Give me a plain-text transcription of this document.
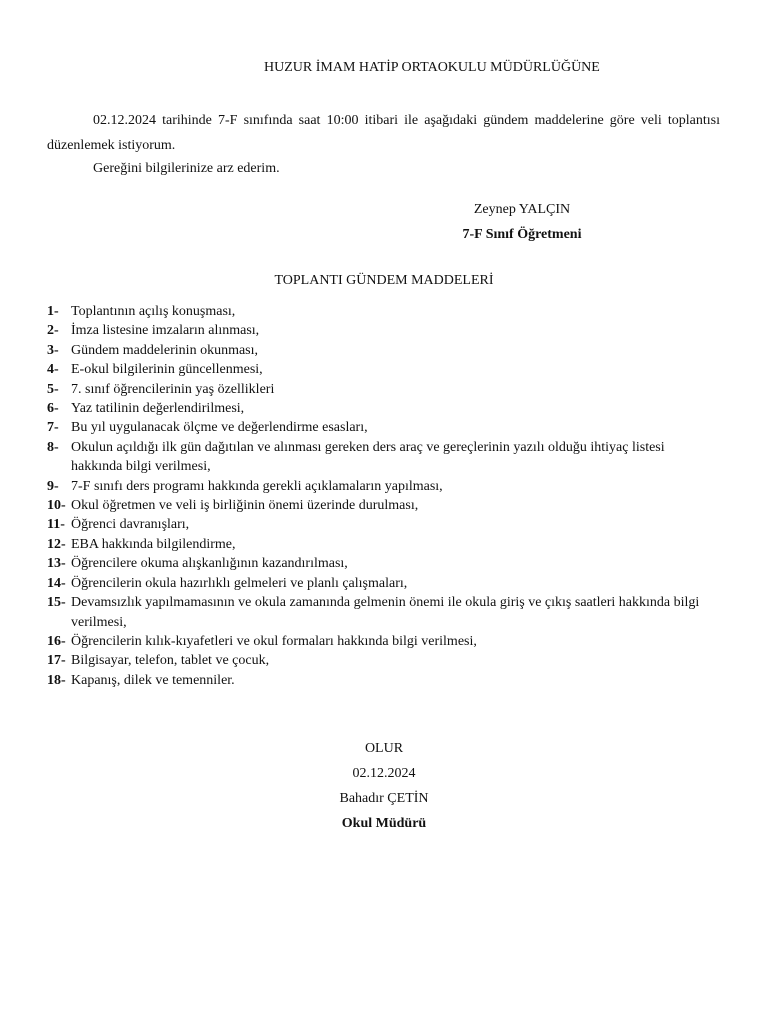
HUZUR İMAM HATİP ORTAOKULU MÜDÜRLÜĞÜNE
02.12.2024 tarihinde 7-F sınıfında saat 10:00 itibari ile aşağıdaki gündem maddelerine göre veli toplantısı düzenlemek istiyorum.
Gereğini bilgilerinize arz ederim.
Zeynep YALÇIN
7-F Sınıf Öğretmeni
TOPLANTI GÜNDEM MADDELERİ
1- Toplantının açılış konuşması,
2- İmza listesine imzaların alınması,
3- Gündem maddelerinin okunması,
4- E-okul bilgilerinin güncellenmesi,
5- 7. sınıf öğrencilerinin yaş özellikleri
6- Yaz tatilinin değerlendirilmesi,
7- Bu yıl uygulanacak ölçme ve değerlendirme esasları,
8- Okulun açıldığı ilk gün dağıtılan ve alınması gereken ders araç ve gereçlerinin yazılı olduğu ihtiyaç listesi hakkında bilgi verilmesi,
9- 7-F sınıfı ders programı hakkında gerekli açıklamaların yapılması,
10- Okul öğretmen ve veli iş birliğinin önemi üzerinde durulması,
11- Öğrenci davranışları,
12- EBA hakkında bilgilendirme,
13- Öğrencilere okuma alışkanlığının kazandırılması,
14- Öğrencilerin okula hazırlıklı gelmeleri ve planlı çalışmaları,
15- Devamsızlık yapılmamasının ve okula zamanında gelmenin önemi ile okula giriş ve çıkış saatleri hakkında bilgi verilmesi,
16- Öğrencilerin kılık-kıyafetleri ve okul formaları hakkında bilgi verilmesi,
17- Bilgisayar, telefon, tablet ve çocuk,
18- Kapanış, dilek ve temenniler.
OLUR
02.12.2024
Bahadır ÇETİN
Okul Müdürü
